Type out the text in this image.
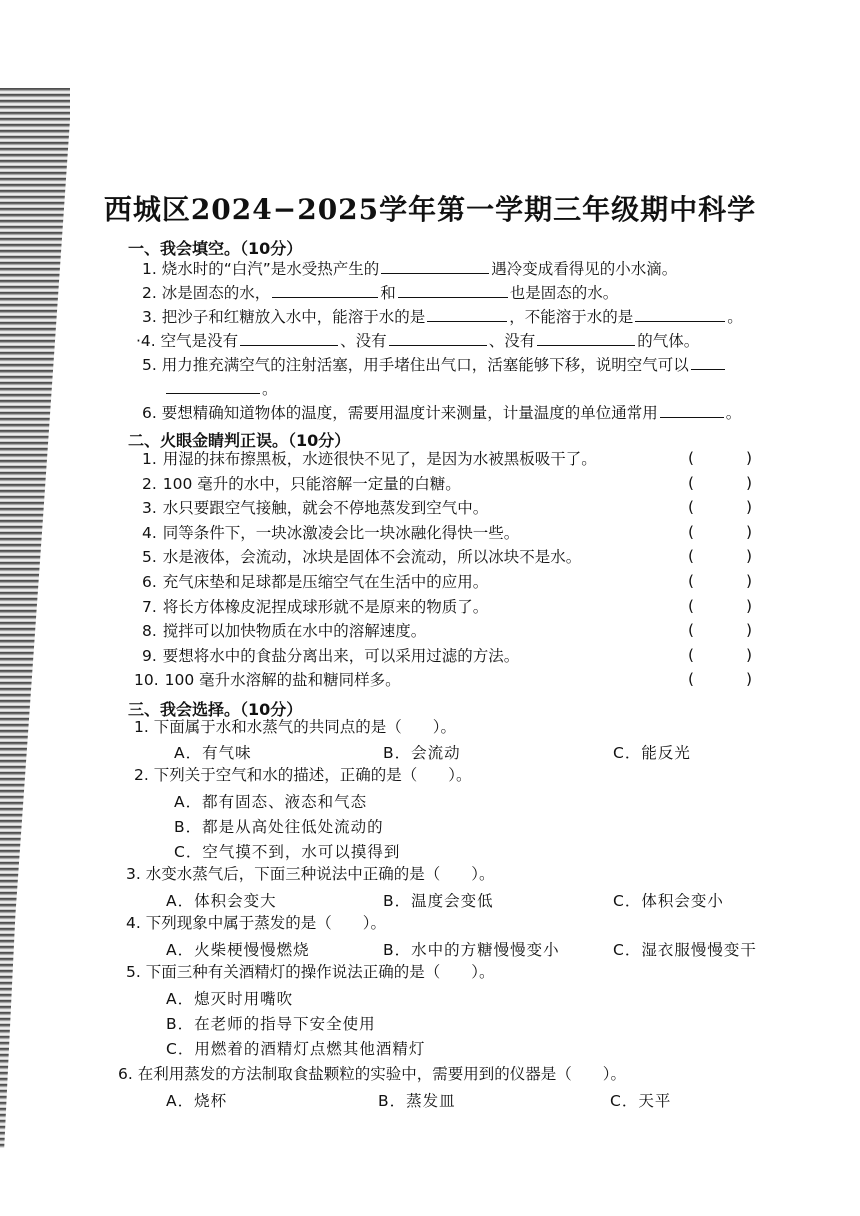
西城区2024−2025学年第一学期三年级期中科学
一、我会填空。（10分）
1. 烧水时的“白汽”是水受热产生的	遇冷变成看得见的小水滴。
2. 冰是固态的水，	和	也是固态的水。
3. 把沙子和红糖放入水中，能溶于水的是	，不能溶于水的是	。
·4. 空气是没有	、没有	、没有	的气体。
5. 用力推充满空气的注射活塞，用手堵住出气口，活塞能够下移，说明空气可以
。
6. 要想精确知道物体的温度，需要用温度计来测量，计量温度的单位通常用	。
二、火眼金睛判正误。（10分）
1. 用湿的抹布擦黑板，水迹很快不见了，是因为水被黑板吸干了。	(	)
2. 100 毫升的水中，只能溶解一定量的白糖。	(	)
3. 水只要跟空气接触，就会不停地蒸发到空气中。	(	)
4. 同等条件下，一块冰激凌会比一块冰融化得快一些。	(	)
5. 水是液体，会流动，冰块是固体不会流动，所以冰块不是水。	(	)
6. 充气床垫和足球都是压缩空气在生活中的应用。	(	)
7. 将长方体橡皮泥捏成球形就不是原来的物质了。	(	)
8. 搅拌可以加快物质在水中的溶解速度。	(	)
9. 要想将水中的食盐分离出来，可以采用过滤的方法。	(	)
10. 100 毫升水溶解的盐和糖同样多。	(	)
三、我会选择。（10分）
1. 下面属于水和水蒸气的共同点的是（　　）。
A．有气味	B．会流动	C．能反光
2. 下列关于空气和水的描述，正确的是（　　）。
A．都有固态、液态和气态
B．都是从高处往低处流动的
C．空气摸不到，水可以摸得到
3. 水变水蒸气后，下面三种说法中正确的是（　　）。
A．体积会变大	B．温度会变低	C．体积会变小
4. 下列现象中属于蒸发的是（　　）。
A．火柴梗慢慢燃烧	B．水中的方糖慢慢变小	C．湿衣服慢慢变干
5. 下面三种有关酒精灯的操作说法正确的是（　　）。
A．熄灭时用嘴吹
B．在老师的指导下安全使用
C．用燃着的酒精灯点燃其他酒精灯
6. 在利用蒸发的方法制取食盐颗粒的实验中，需要用到的仪器是（　　）。
A．烧杯	B．蒸发皿	C．天平
